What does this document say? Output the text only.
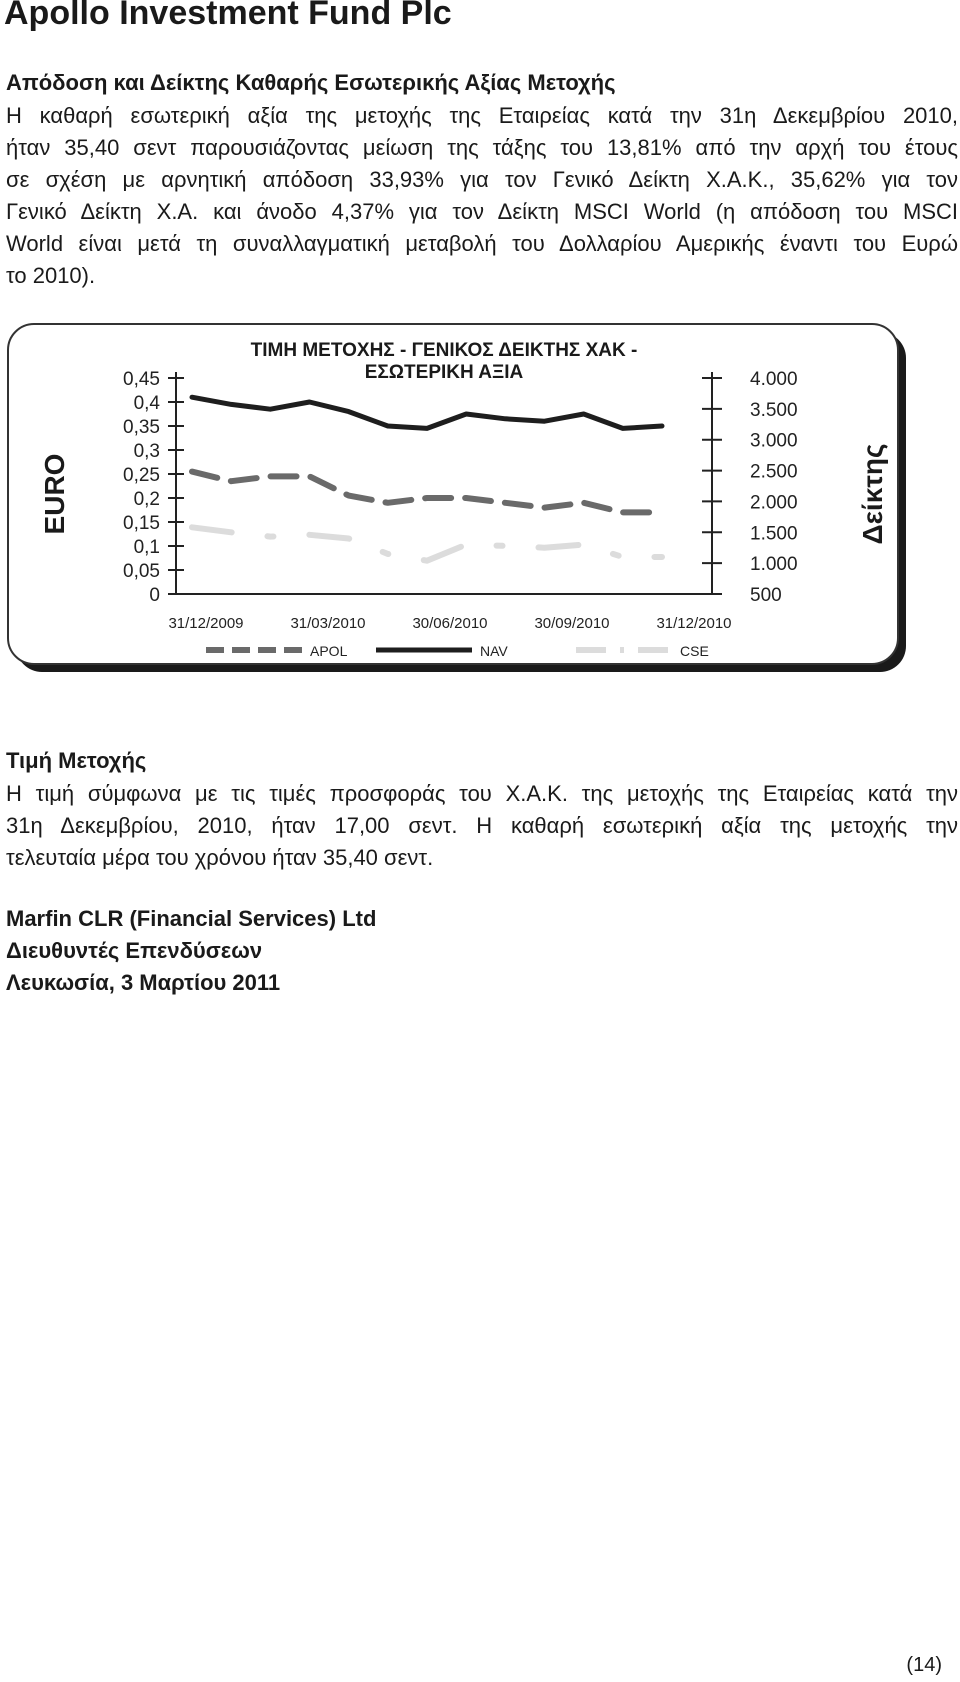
Apollo Investment Fund Plc
Απόδοση και Δείκτης Καθαρής Εσωτερικής Αξίας Μετοχής
Η καθαρή εσωτερική αξία της μετοχής της Εταιρείας κατά την 31η Δεκεμβρίου 2010,
ήταν 35,40 σεντ παρουσιάζοντας μείωση της τάξης του 13,81% από την αρχή του έτους
σε σχέση με αρνητική απόδοση 33,93% για τον Γενικό Δείκτη Χ.Α.Κ., 35,62% για τον
Γενικό Δείκτη Χ.Α. και άνοδο 4,37% για τον Δείκτη MSCI World (η απόδοση του MSCI
World είναι μετά τη συναλλαγματική μεταβολή του Δολλαρίου Αμερικής έναντι του Ευρώ
το 2010).
ΤΙΜΗ ΜΕΤΟΧΗΣ - ΓΕΝΙΚΟΣ ΔΕΙΚΤΗΣ ΧΑΚ -
ΕΣΩΤΕΡΙΚΗ ΑΞΙΑ
EURO	Δείκτης
0,45
0,4
0,35
0,3
0,25
0,2
0,15
0,1
0,05
0
4.000
3.500
3.000
2.500
2.000
1.500
1.000
500
31/12/2009	31/03/2010	30/06/2010	30/09/2010	31/12/2010
APOL	NAV	CSE
Τιμή Μετοχής
Η τιμή σύμφωνα με τις τιμές προσφοράς του Χ.Α.Κ. της μετοχής της Εταιρείας κατά την
31η Δεκεμβρίου, 2010, ήταν 17,00 σεντ. Η καθαρή εσωτερική αξία της μετοχής την
τελευταία μέρα του χρόνου ήταν 35,40 σεντ.

Marfin CLR (Financial Services) Ltd

Διευθυντές Επενδύσεων

Λευκωσία, 3 Μαρτίου 2011

(14)
